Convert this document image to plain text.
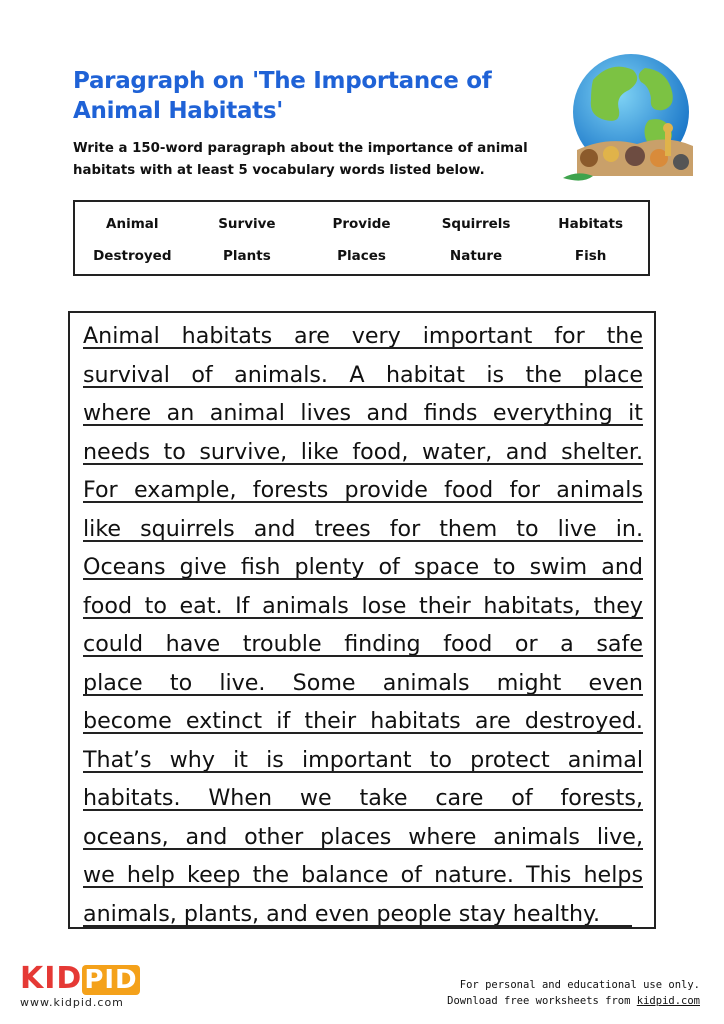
Paragraph on 'The Importance of Animal Habitats'
Write a 150-word paragraph about the importance of animal habitats with at least 5 vocabulary words listed below.
Animal	Survive	Provide	Squirrels	Habitats
Destroyed	Plants	Places	Nature	Fish
Animal habitats are very important for the
survival of animals. A habitat is the place
where an animal lives and finds everything it
needs to survive, like food, water, and shelter.
For example, forests provide food for animals
like squirrels and trees for them to live in.
Oceans give fish plenty of space to swim and
food to eat. If animals lose their habitats, they
could have trouble finding food or a safe
place to live. Some animals might even
become extinct if their habitats are destroyed.
That’s why it is important to protect animal
habitats. When we take care of forests,
oceans, and other places where animals live,
we help keep the balance of nature. This helps
animals, plants, and even people stay healthy.
KIDPID
www.kidpid.com
For personal and educational use only.
Download free worksheets from kidpid.com
